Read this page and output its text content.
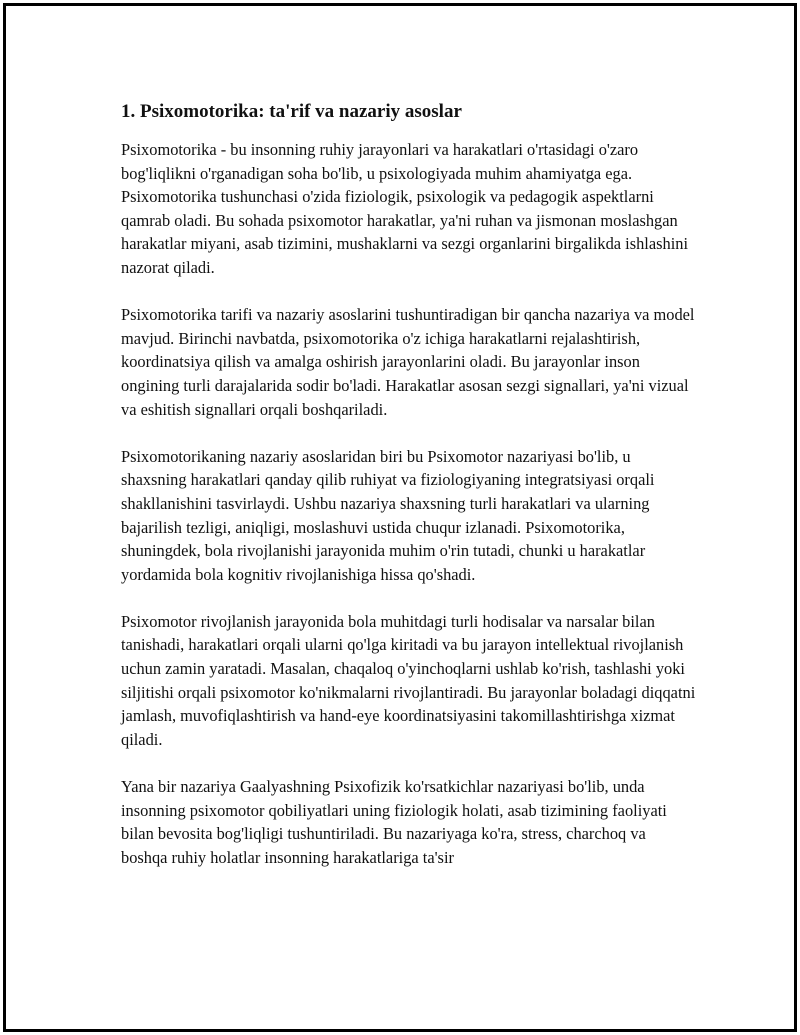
1. Psixomotorika: ta'rif va nazariy asoslar

Psixomotorika - bu insonning ruhiy jarayonlari va harakatlari o'rtasidagi o'zaro bog'liqlikni o'rganadigan soha bo'lib, u psixologiyada muhim ahamiyatga ega. Psixomotorika tushunchasi o'zida fiziologik, psixologik va pedagogik aspektlarni qamrab oladi. Bu sohada psixomotor harakatlar, ya'ni ruhan va jismonan moslashgan harakatlar miyani, asab tizimini, mushaklarni va sezgi organlarini birgalikda ishlashini nazorat qiladi.

Psixomotorika tarifi va nazariy asoslarini tushuntiradigan bir qancha nazariya va model mavjud. Birinchi navbatda, psixomotorika o'z ichiga harakatlarni rejalashtirish, koordinatsiya qilish va amalga oshirish jarayonlarini oladi. Bu jarayonlar inson ongining turli darajalarida sodir bo'ladi. Harakatlar asosan sezgi signallari, ya'ni vizual va eshitish signallari orqali boshqariladi.

Psixomotorikaning nazariy asoslaridan biri bu Psixomotor nazariyasi bo'lib, u shaxsning harakatlari qanday qilib ruhiyat va fiziologiyaning integratsiyasi orqali shakllanishini tasvirlaydi. Ushbu nazariya shaxsning turli harakatlari va ularning bajarilish tezligi, aniqligi, moslashuvi ustida chuqur izlanadi. Psixomotorika, shuningdek, bola rivojlanishi jarayonida muhim o'rin tutadi, chunki u harakatlar yordamida bola kognitiv rivojlanishiga hissa qo'shadi.

Psixomotor rivojlanish jarayonida bola muhitdagi turli hodisalar va narsalar bilan tanishadi, harakatlari orqali ularni qo'lga kiritadi va bu jarayon intellektual rivojlanish uchun zamin yaratadi. Masalan, chaqaloq o'yinchoqlarni ushlab ko'rish, tashlashi yoki siljitishi orqali psixomotor ko'nikmalarni rivojlantiradi. Bu jarayonlar boladagi diqqatni jamlash, muvofiqlashtirish va hand-eye koordinatsiyasini takomillashtirishga xizmat qiladi.

Yana bir nazariya Gaalyashning Psixofizik ko'rsatkichlar nazariyasi bo'lib, unda insonning psixomotor qobiliyatlari uning fiziologik holati, asab tizimining faoliyati bilan bevosita bog'liqligi tushuntiriladi. Bu nazariyaga ko'ra, stress, charchoq va boshqa ruhiy holatlar insonning harakatlariga ta'sir
